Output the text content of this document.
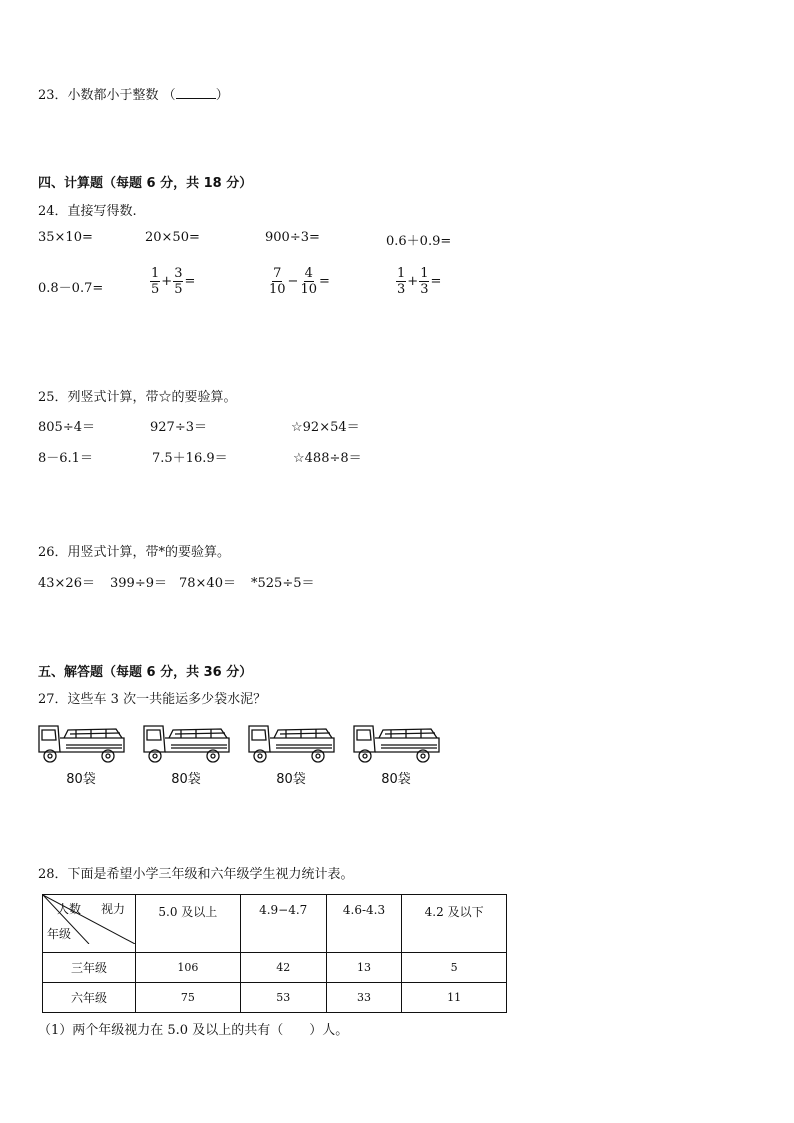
23．小数都小于整数 （	）
四、计算题（每题 6 分，共 18 分）
24．直接写得数.
35×10=	20×50=	900÷3=	0.6＋0.9=
0.8－0.7=	$\frac{1}{5} + \frac{3}{5}$ =	$\frac{7}{10} - \frac{4}{10}$ =	$\frac{1}{3} + \frac{1}{3}$ =
25．列竖式计算，带☆的要验算。
805÷4＝	927÷3＝	☆92×54＝
8－6.1＝	7.5＋16.9＝	☆488÷8＝
26．用竖式计算，带*的要验算。
43×26＝ 399÷9＝ 78×40＝ *525÷5＝
五、解答题（每题 6 分，共 36 分）
27．这些车 3 次一共能运多少袋水泥？
80袋	80袋	80袋	80袋
28．下面是希望小学三年级和六年级学生视力统计表。
人数 视力
年级	5.0 及以上	4.9−4.7	4.6-4.3	4.2 及以下
三年级	106	42	13	5
六年级	75	53	33	11
（1）两个年级视力在 5.0 及以上的共有（　　）人。
